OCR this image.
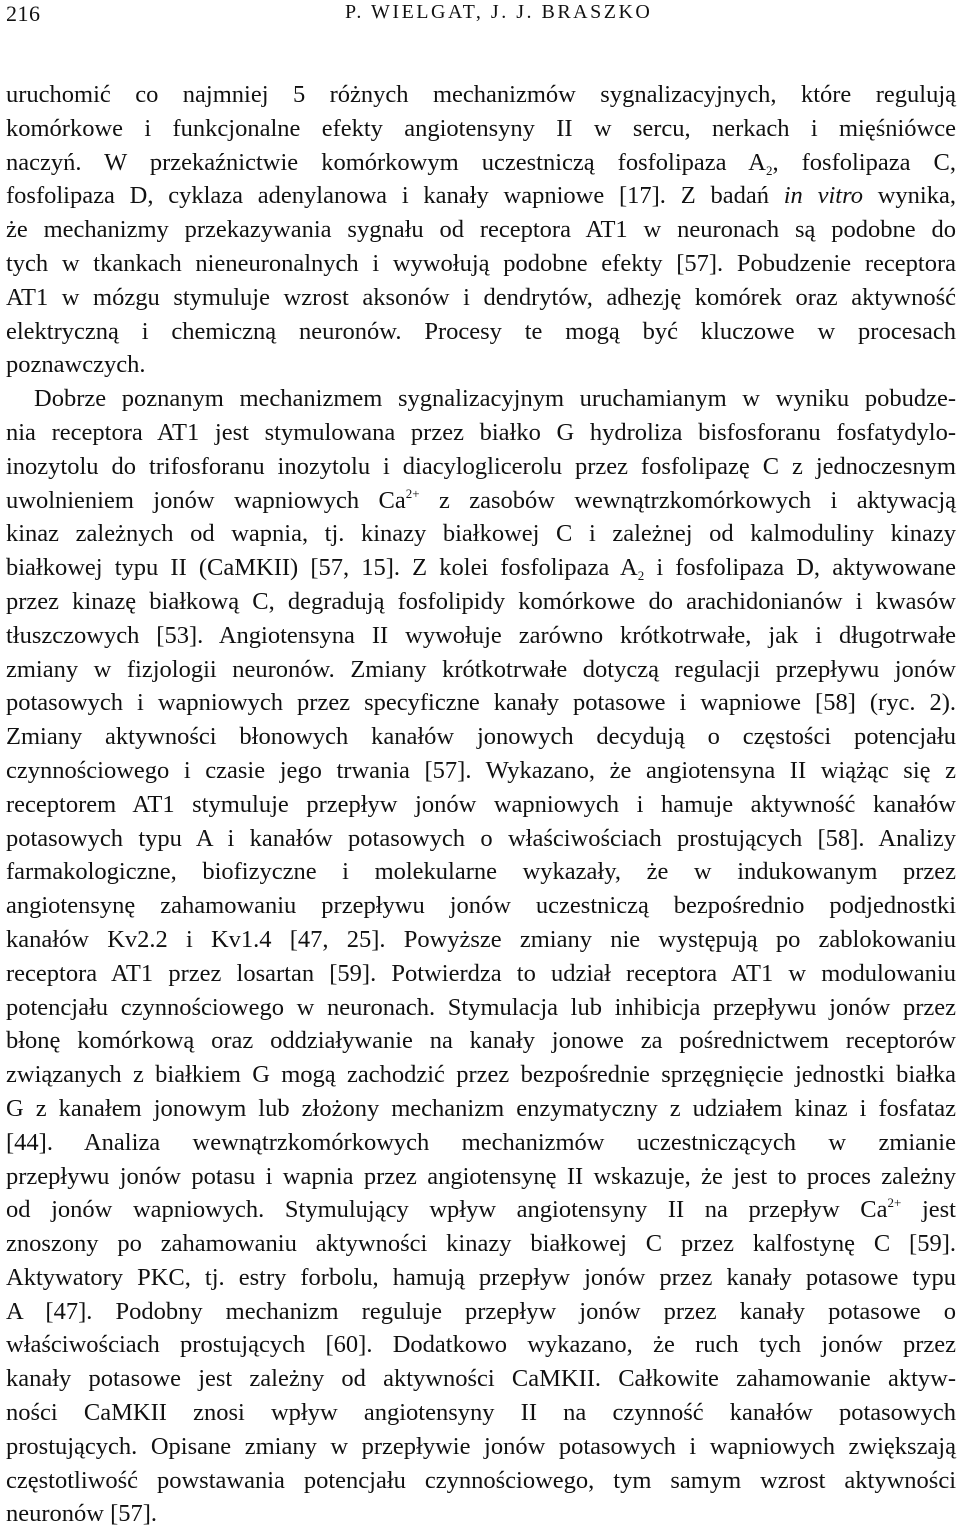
216	P. WIELGAT, J. J. BRASZKO
uruchomić co najmniej 5 różnych mechanizmów sygnalizacyjnych, które regulują
komórkowe i funkcjonalne efekty angiotensyny II w sercu, nerkach i mięśniówce
naczyń. W przekaźnictwie komórkowym uczestniczą fosfolipaza $A_2$, fosfolipaza C,
fosfolipaza D, cyklaza adenylanowa i kanały wapniowe [17]. Z badań in vitro wynika,
że mechanizmy przekazywania sygnału od receptora AT1 w neuronach są podobne do
tych w tkankach nieneuronalnych i wywołują podobne efekty [57]. Pobudzenie receptora
AT1 w mózgu stymuluje wzrost aksonów i dendrytów, adhezję komórek oraz aktywność
elektryczną i chemiczną neuronów. Procesy te mogą być kluczowe w procesach
poznawczych.
Dobrze poznanym mechanizmem sygnalizacyjnym uruchamianym w wyniku pobudze-
nia receptora AT1 jest stymulowana przez białko G hydroliza bisfosforanu fosfatydylo-
inozytolu do trifosforanu inozytolu i diacyloglicerolu przez fosfolipazę C z jednoczesnym
uwolnieniem jonów wapniowych $Ca^{2+}$ z zasobów wewnątrzkomórkowych i aktywacją
kinaz zależnych od wapnia, tj. kinazy białkowej C i zależnej od kalmoduliny kinazy
białkowej typu II (CaMKII) [57, 15]. Z kolei fosfolipaza $A_2$ i fosfolipaza D, aktywowane
przez kinazę białkową C, degradują fosfolipidy komórkowe do arachidonianów i kwasów
tłuszczowych [53]. Angiotensyna II wywołuje zarówno krótkotrwałe, jak i długotrwałe
zmiany w fizjologii neuronów. Zmiany krótkotrwałe dotyczą regulacji przepływu jonów
potasowych i wapniowych przez specyficzne kanały potasowe i wapniowe [58] (ryc. 2).
Zmiany aktywności błonowych kanałów jonowych decydują o częstości potencjału
czynnościowego i czasie jego trwania [57]. Wykazano, że angiotensyna II wiążąc się z
receptorem AT1 stymuluje przepływ jonów wapniowych i hamuje aktywność kanałów
potasowych typu A i kanałów potasowych o właściwościach prostujących [58]. Analizy
farmakologiczne, biofizyczne i molekularne wykazały, że w indukowanym przez
angiotensynę zahamowaniu przepływu jonów uczestniczą bezpośrednio podjednostki
kanałów Kv2.2 i Kv1.4 [47, 25]. Powyższe zmiany nie występują po zablokowaniu
receptora AT1 przez losartan [59]. Potwierdza to udział receptora AT1 w modulowaniu
potencjału czynnościowego w neuronach. Stymulacja lub inhibicja przepływu jonów przez
błonę komórkową oraz oddziaływanie na kanały jonowe za pośrednictwem receptorów
związanych z białkiem G mogą zachodzić przez bezpośrednie sprzęgnięcie jednostki białka
G z kanałem jonowym lub złożony mechanizm enzymatyczny z udziałem kinaz i fosfataz
[44]. Analiza wewnątrzkomórkowych mechanizmów uczestniczących w zmianie
przepływu jonów potasu i wapnia przez angiotensynę II wskazuje, że jest to proces zależny
od jonów wapniowych. Stymulujący wpływ angiotensyny II na przepływ $Ca^{2+}$ jest
znoszony po zahamowaniu aktywności kinazy białkowej C przez kalfostynę C [59].
Aktywatory PKC, tj. estry forbolu, hamują przepływ jonów przez kanały potasowe typu
A [47]. Podobny mechanizm reguluje przepływ jonów przez kanały potasowe o
właściwościach prostujących [60]. Dodatkowo wykazano, że ruch tych jonów przez
kanały potasowe jest zależny od aktywności CaMKII. Całkowite zahamowanie aktyw-
ności CaMKII znosi wpływ angiotensyny II na czynność kanałów potasowych
prostujących. Opisane zmiany w przepływie jonów potasowych i wapniowych zwiększają
częstotliwość powstawania potencjału czynnościowego, tym samym wzrost aktywności
neuronów [57].
